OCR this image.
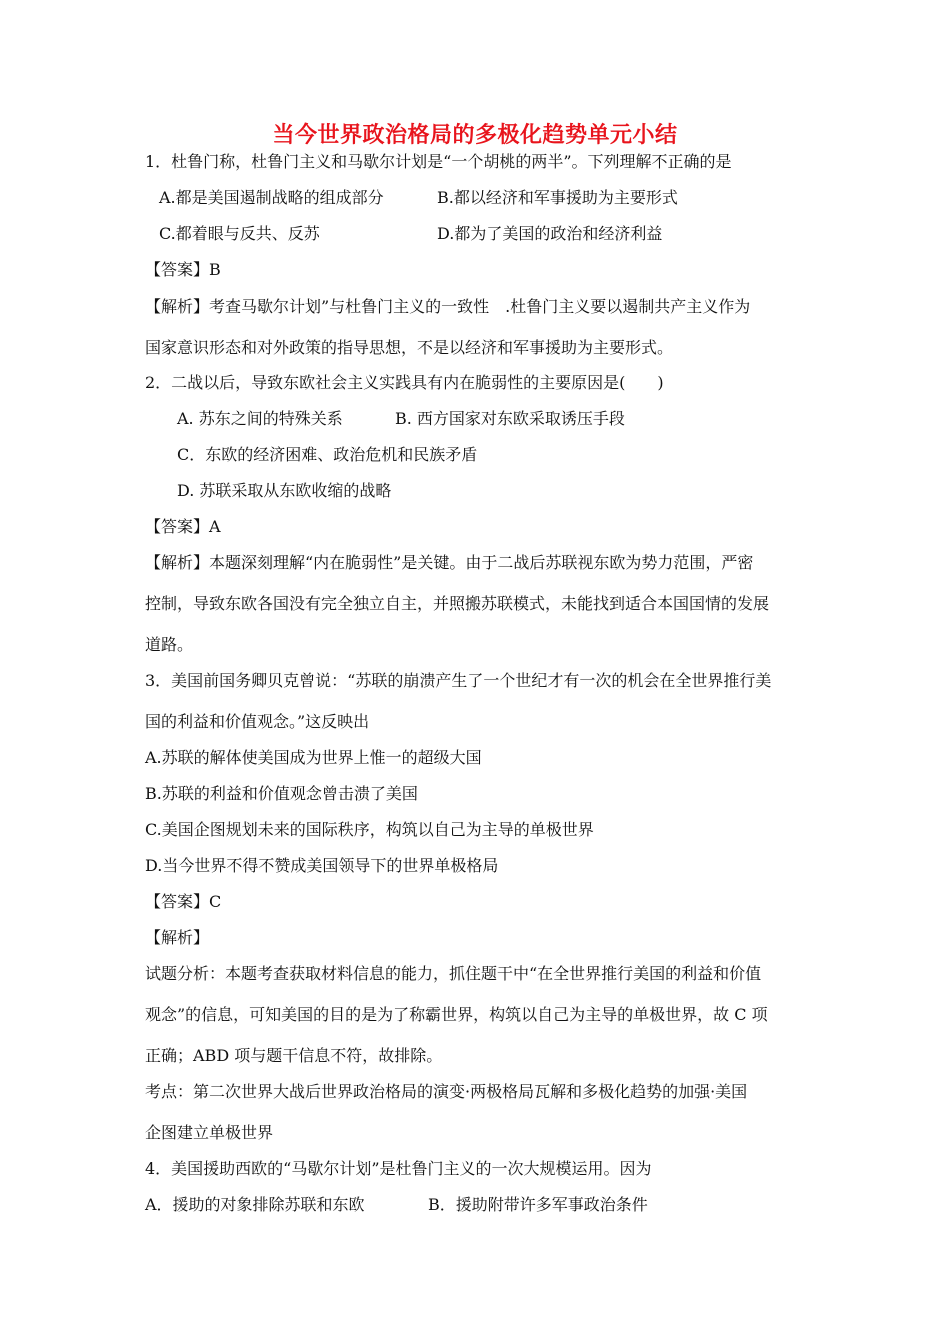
当今世界政治格局的多极化趋势单元小结
1．杜鲁门称，杜鲁门主义和马歇尔计划是“一个胡桃的两半”。下列理解不正确的是
A.都是美国遏制战略的组成部分	B.都以经济和军事援助为主要形式
C.都着眼与反共、反苏	D.都为了美国的政治和经济利益
【答案】B
【解析】考查马歇尔计划”与杜鲁门主义的一致性　.杜鲁门主义要以遏制共产主义作为
国家意识形态和对外政策的指导思想，不是以经济和军事援助为主要形式。
2．二战以后，导致东欧社会主义实践具有内在脆弱性的主要原因是(　　)
A. 苏东之间的特殊关系	B. 西方国家对东欧采取诱压手段
C．东欧的经济困难、政治危机和民族矛盾
D. 苏联采取从东欧收缩的战略
【答案】A
【解析】本题深刻理解“内在脆弱性”是关键。由于二战后苏联视东欧为势力范围，严密
控制，导致东欧各国没有完全独立自主，并照搬苏联模式，未能找到适合本国国情的发展
道路。
3．美国前国务卿贝克曾说：“苏联的崩溃产生了一个世纪才有一次的机会在全世界推行美
国的利益和价值观念。”这反映出
A.苏联的解体使美国成为世界上惟一的超级大国
B.苏联的利益和价值观念曾击溃了美国
C.美国企图规划未来的国际秩序，构筑以自己为主导的单极世界
D.当今世界不得不赞成美国领导下的世界单极格局
【答案】C
【解析】
试题分析：本题考查获取材料信息的能力，抓住题干中“在全世界推行美国的利益和价值
观念”的信息，可知美国的目的是为了称霸世界，构筑以自己为主导的单极世界，故 C 项
正确；ABD 项与题干信息不符，故排除。
考点：第二次世界大战后世界政治格局的演变·两极格局瓦解和多极化趋势的加强·美国
企图建立单极世界
4．美国援助西欧的“马歇尔计划”是杜鲁门主义的一次大规模运用。因为
A．援助的对象排除苏联和东欧	B．援助附带许多军事政治条件
